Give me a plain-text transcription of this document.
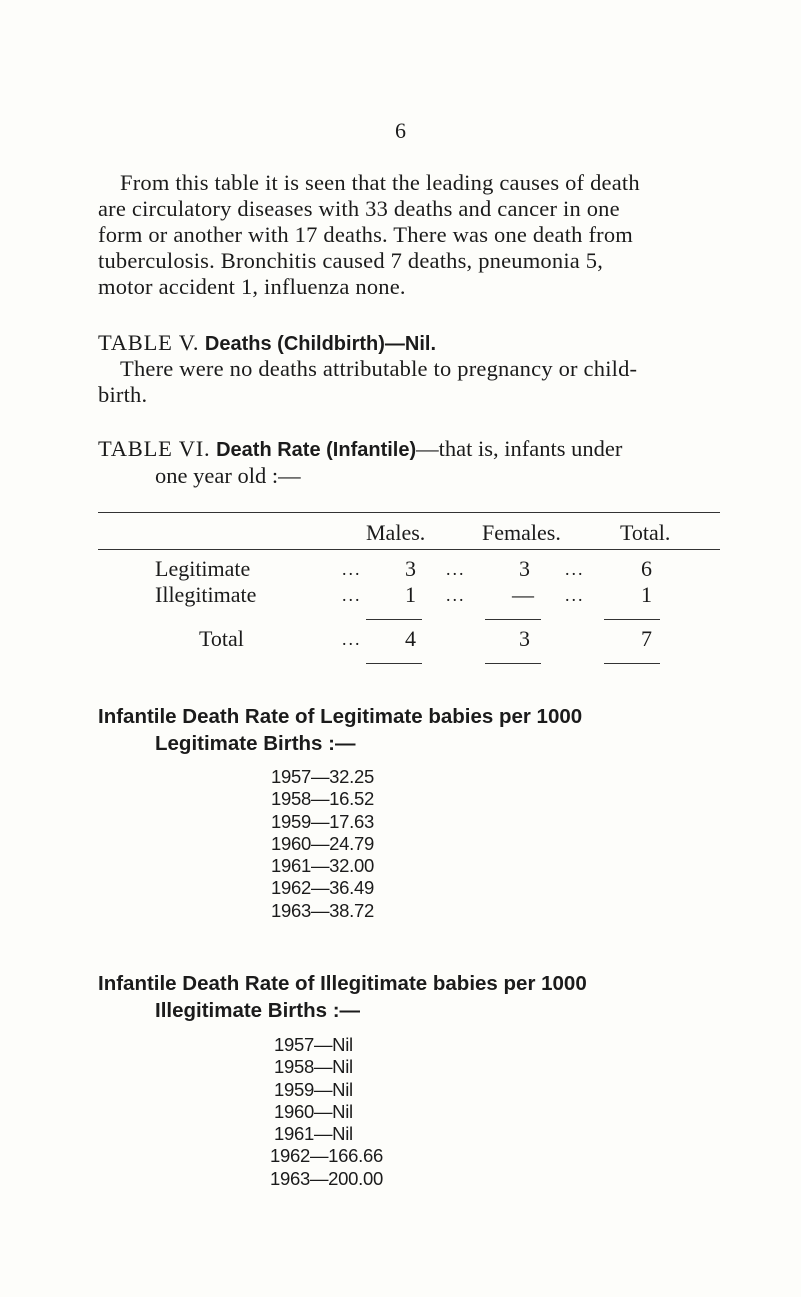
6
From this table it is seen that the leading causes of death
are circulatory diseases with 33 deaths and cancer in one
form or another with 17 deaths. There was one death from
tuberculosis. Bronchitis caused 7 deaths, pneumonia 5,
motor accident 1, influenza none.
TABLE V. Deaths (Childbirth)—Nil.
There were no deaths attributable to pregnancy or child-
birth.
TABLE VI. Death Rate (Infantile)—that is, infants under
one year old :—
Males.	Females.	Total.
Legitimate	...	3 ...	3 ...	6
Illegitimate	...	1 ...	— ...	1
Total	...	4	3	7
Infantile Death Rate of Legitimate babies per 1000
Legitimate Births :—
1957—32.25
1958—16.52
1959—17.63
1960—24.79
1961—32.00
1962—36.49
1963—38.72
Infantile Death Rate of Illegitimate babies per 1000
Illegitimate Births :—
1957—Nil
1958—Nil
1959—Nil
1960—Nil
1961—Nil
1962—166.66
1963—200.00
